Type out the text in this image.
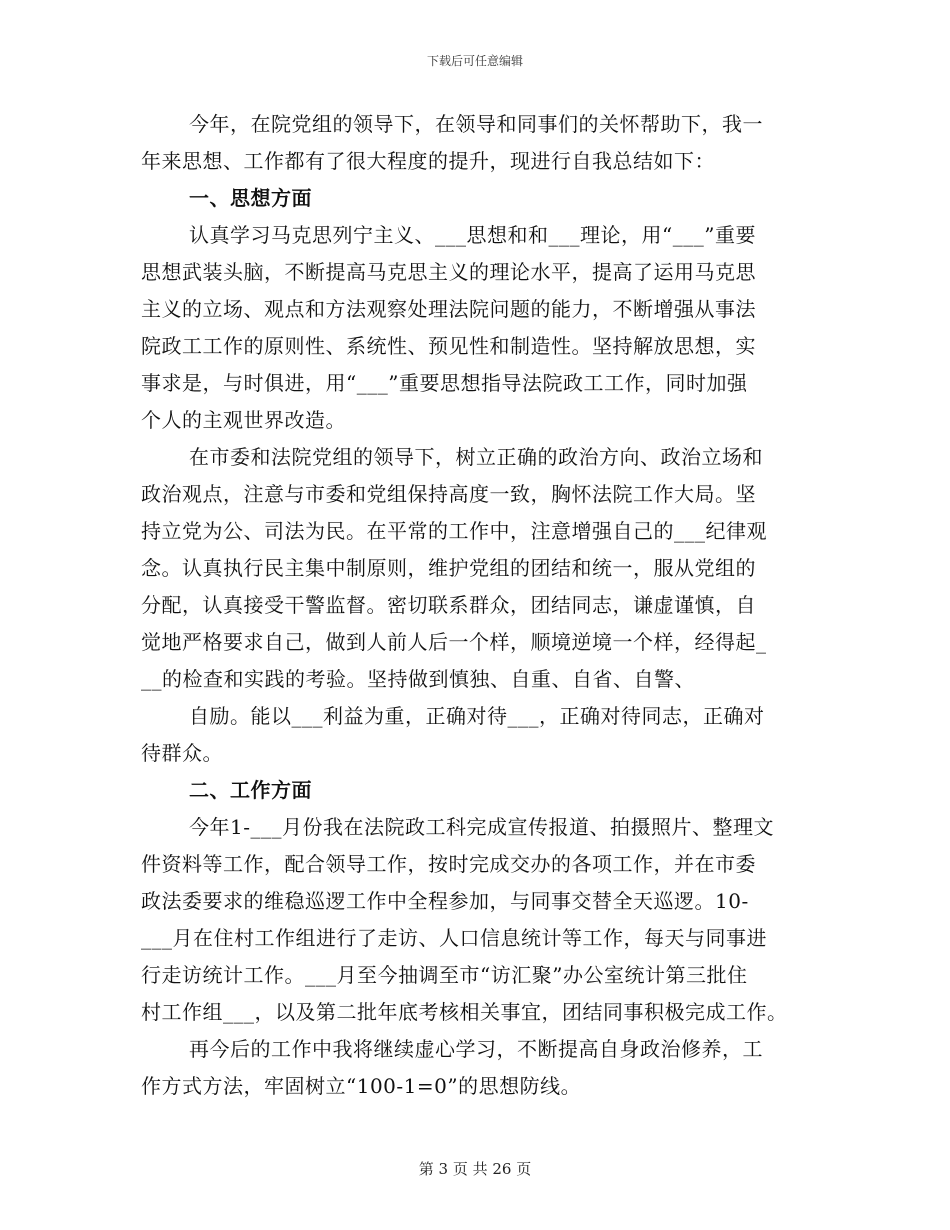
下载后可任意编辑
今年，在院党组的领导下，在领导和同事们的关怀帮助下，我一
年来思想、工作都有了很大程度的提升，现进行自我总结如下：
一、思想方面
认真学习马克思列宁主义、___思想和和___理论，用“___”重要
思想武装头脑，不断提高马克思主义的理论水平，提高了运用马克思
主义的立场、观点和方法观察处理法院问题的能力，不断增强从事法
院政工工作的原则性、系统性、预见性和制造性。坚持解放思想，实
事求是，与时俱进，用“___”重要思想指导法院政工工作，同时加强
个人的主观世界改造。
在市委和法院党组的领导下，树立正确的政治方向、政治立场和
政治观点，注意与市委和党组保持高度一致，胸怀法院工作大局。坚
持立党为公、司法为民。在平常的工作中，注意增强自己的___纪律观
念。认真执行民主集中制原则，维护党组的团结和统一，服从党组的
分配，认真接受干警监督。密切联系群众，团结同志，谦虚谨慎，自
觉地严格要求自己，做到人前人后一个样，顺境逆境一个样，经得起_
__的检查和实践的考验。坚持做到慎独、自重、自省、自警、
自励。能以___利益为重，正确对待___，正确对待同志，正确对
待群众。
二、工作方面
今年1-___月份我在法院政工科完成宣传报道、拍摄照片、整理文
件资料等工作，配合领导工作，按时完成交办的各项工作，并在市委
政法委要求的维稳巡逻工作中全程参加，与同事交替全天巡逻。10-
___月在住村工作组进行了走访、人口信息统计等工作，每天与同事进
行走访统计工作。___月至今抽调至市“访汇聚”办公室统计第三批住
村工作组___，以及第二批年底考核相关事宜，团结同事积极完成工作。
再今后的工作中我将继续虚心学习，不断提高自身政治修养，工
作方式方法，牢固树立“100-1=0”的思想防线。
第 3 页 共 26 页
